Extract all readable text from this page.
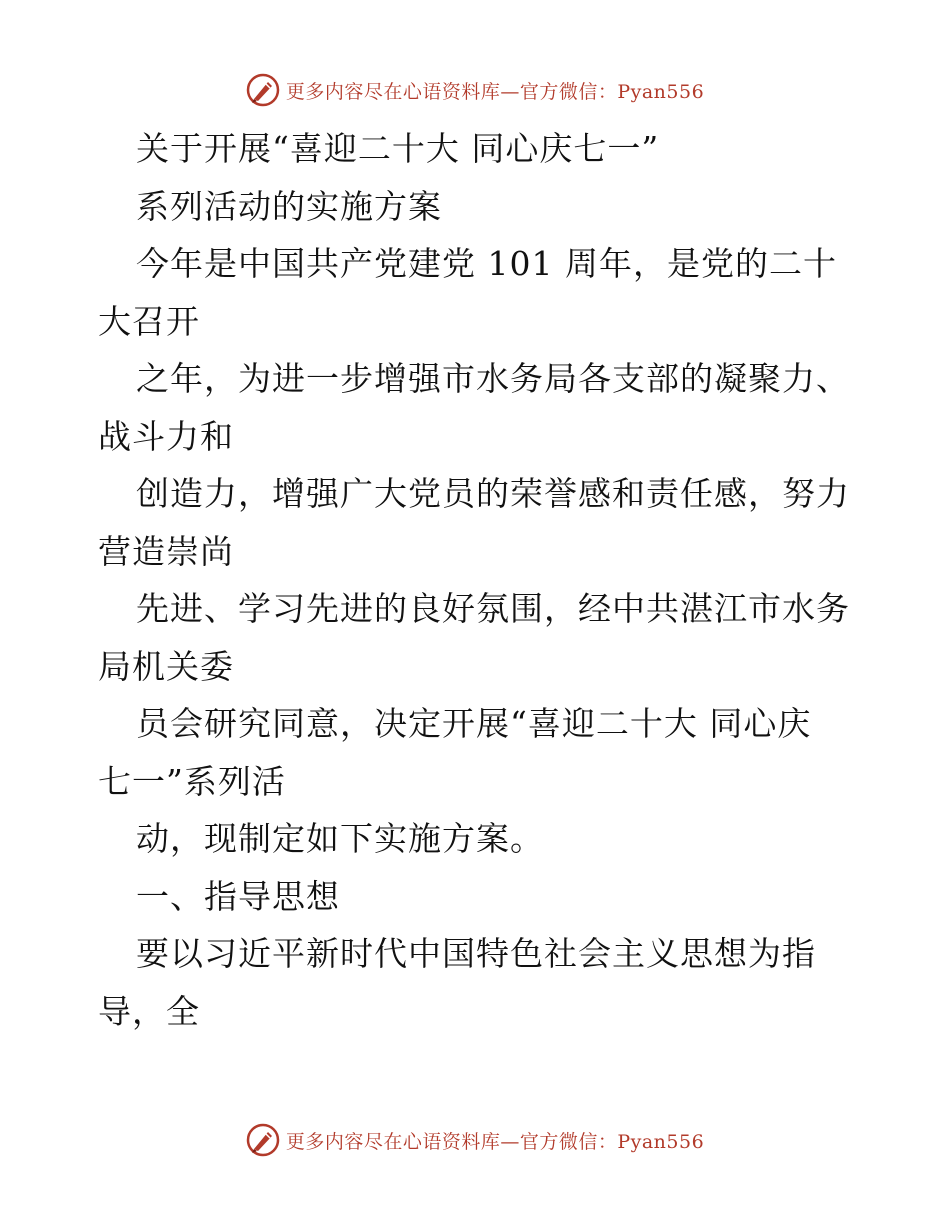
更多内容尽在心语资料库—官方微信：Pyan556

关于开展“喜迎二十大 同心庆七一”

系列活动的实施方案

今年是中国共产党建党 101 周年，是党的二十

大召开

之年，为进一步增强市水务局各支部的凝聚力、

战斗力和

创造力，增强广大党员的荣誉感和责任感，努力

营造崇尚

先进、学习先进的良好氛围，经中共湛江市水务

局机关委

员会研究同意，决定开展“喜迎二十大 同心庆

七一”系列活

动，现制定如下实施方案。

一、指导思想

要以习近平新时代中国特色社会主义思想为指

导，全

更多内容尽在心语资料库—官方微信：Pyan556
